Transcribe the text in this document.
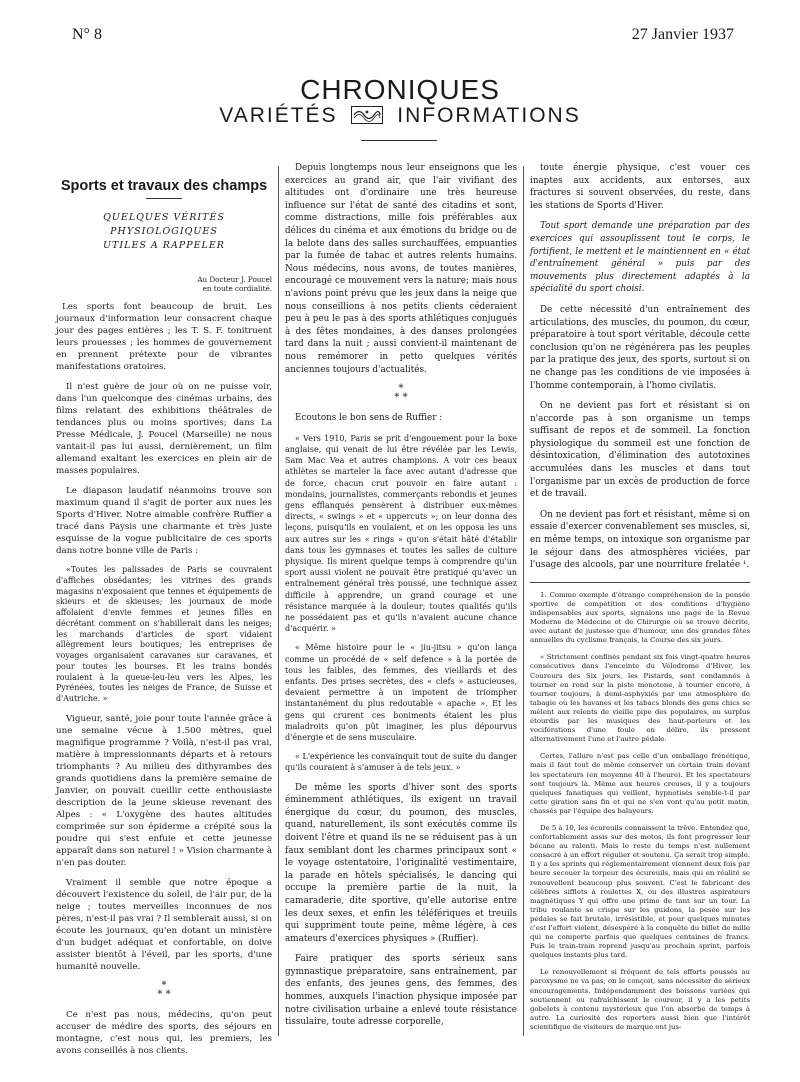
N° 8	27 Janvier 1937
CHRONIQUES
VARIÉTÉS	INFORMATIONS
Sports et travaux des champs
QUELQUES VÉRITÉS PHYSIOLOGIQUES
UTILES A RAPPELER
Au Docteur J. Poucel
en toute cordialité.

Les sports font beaucoup de bruit. Les journaux d'information leur consacrent chaque jour des pages entières ; les T. S. F. tonitruent leurs prouesses ; les hommes de gouvernement en prennent prétexte pour de vibrantes manifestations oratoires.

Il n'est guère de jour où on ne puisse voir, dans l'un quelconque des cinémas urbains, des films relatant des exhibitions théâtrales de tendances plus ou moins sportives; dans La Presse Médicale, J. Poucel (Marseille) ne nous vantait-il pas lui aussi, dernièrement, un film allemand exaltant les exercices en plein air de masses populaires.

Le diapason laudatif néanmoins trouve son maximum quand il s'agit de porter aux nues les Sports d'Hiver. Notre aimable confrère Ruffier a tracé dans Paysis une charmante et très juste esquisse de la vogue publicitaire de ces sports dans notre bonne ville de Paris :

«Toutes les palissades de Paris se couvraient d'affiches obsédantes; les vitrines des grands magasins n'exposaient que tennes et équipements de skieurs et de skieuses; les journaux de mode affolaient d'envie femmes et jeunes filles en décrétant comment on s'habillerait dans les neiges; les marchands d'articles de sport vidaient allègrement leurs boutiques; les entreprises de voyages organisaient caravanes sur caravanes, et pour toutes les bourses. Et les trains bondés roulaient à la queue-leu-leu vers les Alpes, les Pyrénées, toutes les neiges de France, de Suisse et d'Autriche. »

Vigueur, santé, joie pour toute l'année grâce à une semaine vécue à 1.500 mètres, quel magnifique programme ? Voilà, n'est-il pas vrai, matière à impressionnants départs et à retours triomphants ? Au milieu des dithyrambes des grands quotidiens dans la première semaine de Janvier, on pouvait cueillir cette enthousiaste description de la jeune skieuse revenant des Alpes : « L'oxygène des hautes altitudes comprimée sur son épiderme a crépité sous la poudre qui s'est enfuie et cette jeunesse apparaît dans son naturel ! » Vision charmante à n'en pas douter.

Vraiment il semble que notre époque a découvert l'existence du soleil, de l'air pur, de la neige ; toutes merveilles inconnues de nos pères, n'est-il pas vrai ? Il semblerait aussi, si on écoute les journaux, qu'en dotant un ministère d'un budget adéquat et confortable, on doive assister bientôt à l'éveil, par les sports, d'une humanité nouvelle.

*
* *

Ce n'est pas nous, médecins, qu'on peut accuser de médire des sports, des séjours en montagne, c'est nous qui, les premiers, les avons conseillés à nos clients.

Depuis longtemps nous leur enseignons que les exercices au grand air, que l'air vivifiant des altitudes ont d'ordinaire une très heureuse influence sur l'état de santé des citadins et sont, comme distractions, mille fois préférables aux délices du cinéma et aux émotions du bridge ou de la belote dans des salles surchauffées, empuanties par la fumée de tabac et autres relents humains. Nous médecins, nous avons, de toutes manières, encouragé ce mouvement vers la nature; mais nous n'avions point prévu que les jeux dans la neige que nous conseillions à nos petits clients céderaient peu à peu le pas à des sports athlétiques conjugués à des fêtes mondaines, à des danses prolongées tard dans la nuit ; aussi convient-il maintenant de nous remémorer in petto quelques vérités anciennes toujours d'actualités.

*
* *

Ecoutons le bon sens de Ruffier :

« Vers 1910, Paris se prit d'engouement pour la boxe anglaise, qui venait de lui être révélée par les Lewis, Sam Mac Vea et autres champions. A voir ces beaux athlètes se marteler la face avec autant d'adresse que de force, chacun crut pouvoir en faire autant : mondains, journalistes, commerçants rebondis et jeunes gens efflanqués pensèrent à distribuer eux-mêmes directs, « swings » et « uppercuts »; on leur donna des leçons, puisqu'ils en voulaient, et on les opposa les uns aux autres sur les « rings » qu'on s'était hâté d'établir dans tous les gymnases et toutes les salles de culture physique. Ils mirent quelque temps à comprendre qu'un sport aussi violent ne pouvait être pratiqué qu'avec un entraînement général très poussé, une technique assez difficile à apprendre, un grand courage et une résistance marquée à la douleur; toutes qualités qu'ils ne possédaient pas et qu'ils n'avaient aucune chance d'acquérir. »

« Même histoire pour le « jiu-jitsu » qu'on lança comme un procédé de « self defence » à la portée de tous les faibles, des femmes, des vieillards et des enfants. Des prises secrètes, des « clefs » astucieuses, devaient permettre à un impotent de triompher instantanément du plus redoutable « apache ». Et les gens qui crurent ces boniments étaient les plus maladroits qu'on pût imaginer, les plus dépourvus d'énergie et de sens musculaire.

« L'expérience les convainquit tout de suite du danger qu'ils couraient à s'amuser à de tels jeux. »

De même les sports d'hiver sont des sports éminemment athlétiques, ils exigent un travail énergique du cœur, du poumon, des muscles, quand, naturellement, ils sont exécutés comme ils doivent l'être et quand ils ne se réduisent pas à un faux semblant dont les charmes principaux sont « le voyage ostentatoire, l'originalité vestimentaire, la parade en hôtels spécialisés, le dancing qui occupe la première partie de la nuit, la camaraderie, dite sportive, qu'elle autorise entre les deux sexes, et enfin les téléfériques et treuils qui suppriment toute peine, même légère, à ces amateurs d'exercices physiques » (Ruffier).

Faire pratiquer des sports sérieux sans gymnastique préparatoire, sans entraînement, par des enfants, des jeunes gens, des femmes, des hommes, auxquels l'inaction physique imposée par notre civilisation urbaine a enlevé toute résistance tissulaire, toute adresse corporelle,

toute énergie physique, c'est vouer ces inaptes aux accidents, aux entorses, aux fractures si souvent observées, du reste, dans les stations de Sports d'Hiver.

Tout sport demande une préparation par des exercices qui assouplissent tout le corps, le fortifient, le mettent et le maintiennent en « état d'entraînement général » puis par des mouvements plus directement adaptés à la spécialité du sport choisi.

De cette nécessité d'un entraînement des articulations, des muscles, du poumon, du cœur, préparatoire à tout sport véritable, découle cette conclusion qu'on ne régénérera pas les peuples par la pratique des jeux, des sports, surtout si on ne change pas les conditions de vie imposées à l'homme contemporain, à l'homo civilatis.

On ne devient pas fort et résistant si on n'accorde pas à son organisme un temps suffisant de repos et de sommeil. La fonction physiologique du sommeil est une fonction de désintoxication, d'élimination des autotoxines accumulées dans les muscles et dans tout l'organisme par un excès de production de force et de travail.

On ne devient pas fort et résistant, même si on essaie d'exercer convenablement ses muscles, si, en même temps, on intoxique son organisme par le séjour dans des atmosphères viciées, par l'usage des alcools, par une nourriture frelatée ¹.

1. Comme exemple d'étrange compréhension de la pensée sportive de compétition et des conditions d'hygiène indispensables aux sports, signalons une page de la Revue Moderne de Médecine et de Chirurgie où se trouve décrite, avec autant de justesse que d'humour, une des grandes fêtes annuelles du cyclisme français, la Course des six jours.

« Strictement confinés pendant six fois vingt-quatre heures consécutives dans l'enceinte du Vélodrome d'Hiver, les Coureurs des Six jours, les Pistards, sont condamnés à tourner en rond sur la piste monotone, à tourner encore, à tourner toujours, à demi-asphyxiés par une atmosphère de tabagie où les havanes et les tabacs blonds des gens chics se mêlent aux relents de vieille pipe des populaires, au surplus étourdis par les musiques des haut-parleurs et les vociférations d'une foule en délire, ils pressent alternativement l'une et l'autre pédale.

Certes, l'allure n'est pas celle d'un emballage frénétique, mais il faut tout de même conserver un certain train devant les spectateurs (en moyenne 40 à l'heure). Et les spectateurs sont toujours là. Même aux heures creuses, il y a toujours quelques fanatiques qui veillent, hypnotisés semble-t-il par cette giration sans fin et qui ne s'en vont qu'au petit matin, chassés par l'équipe des balayeurs.

De 5 à 10, les écureuils connaissent la trêve. Entendez que, confortablement assis sur des motos, ils font progresser leur bécane au ralenti. Mais le reste du temps n'est nullement consacré à un effort régulier et soutenu. Ça serait trop simple. Il y a les sprints qui réglementairement viennent deux fois par heure secouer la torpeur des écureuils, mais qui en réalité se renouvellent beaucoup plus souvent. C'est le fabricant des célèbres sifflets à roulettes X, ou des illustres aspirateurs magnétiques Y qui offre une prime de tant sur un tour. La tribu roulante se crispe sur les guidons, la pesée sur les pédales se fait brutale, irrésistible, et pour quelques minutes c'est l'effort violent, désespéré à la conquête du billet de mille qui ne comporte parfois que quelques centaines de francs. Puis le train-train reprend jusqu'au prochain sprint, parfois quelques instants plus tard.

Le renouvellement si fréquent de tels efforts poussés au paroxysme ne va pas, on le conçoit, sans nécessiter de sérieux encouragements. Indépendamment des boissons variées qui soutiennent ou rafraîchissent le coureur, il y a les petits gobelets à contenu mystérieux que l'on absorbe de temps à autre. La curiosité des reporters aussi bien que l'intérêt scientifique de visiteurs de marque ont jus-
